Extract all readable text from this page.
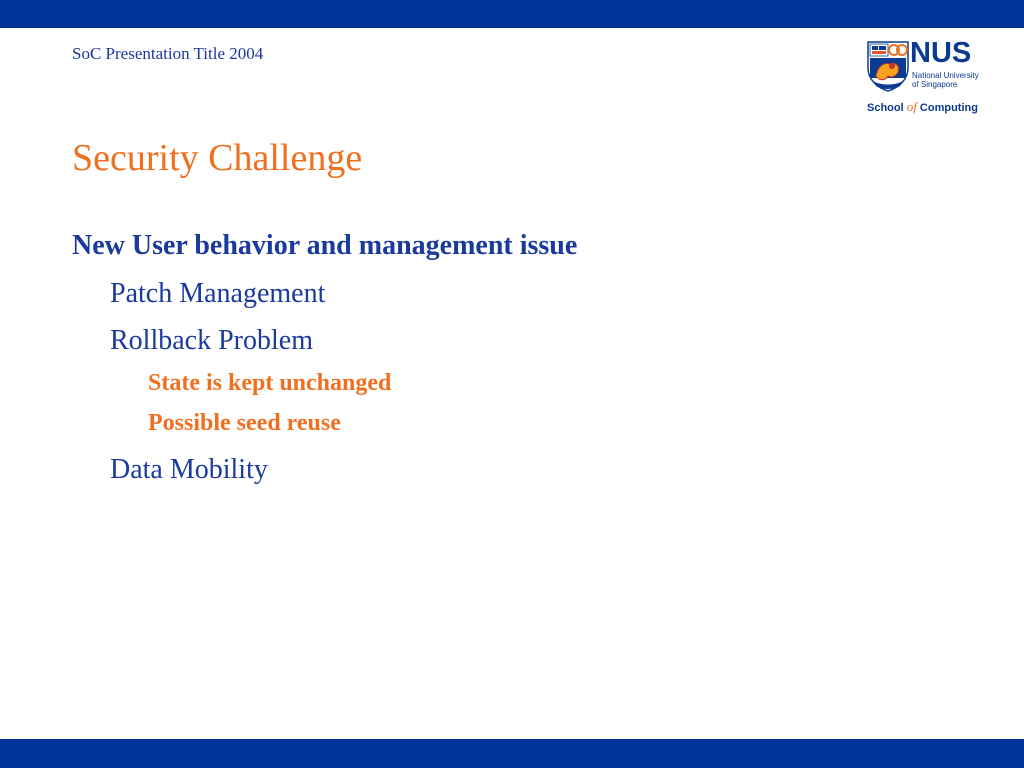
SoC Presentation Title 2004	NUS
National University
of Singapore
School of Computing
Security Challenge
New User behavior and management issue
Patch Management
Rollback Problem
State is kept unchanged
Possible seed reuse
Data Mobility
